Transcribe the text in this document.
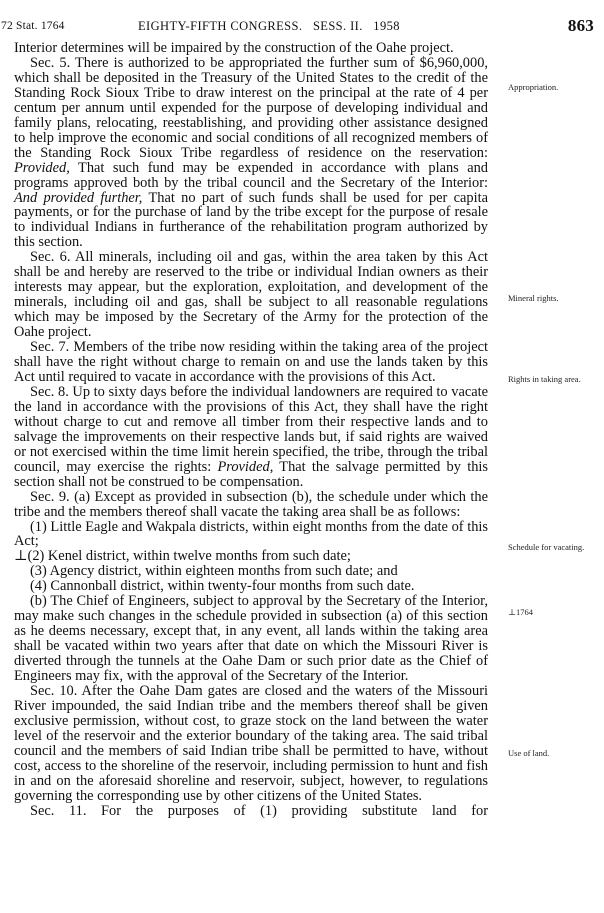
72 Stat. 1764	EIGHTY-FIFTH CONGRESS.   SESS. II.   1958	863

Interior determines will be impaired by the construction of the Oahe project.

Sec. 5. There is authorized to be appropriated the further sum of $6,960,000, which shall be deposited in the Treasury of the United States to the credit of the Standing Rock Sioux Tribe to draw interest on the principal at the rate of 4 per centum per annum until expended for the purpose of developing individual and family plans, relocating, reestablishing, and providing other assistance designed to help improve the economic and social conditions of all recognized members of the Standing Rock Sioux Tribe regardless of residence on the reservation: Provided, That such fund may be expended in accordance with plans and programs approved both by the tribal council and the Secretary of the Interior: And provided further, That no part of such funds shall be used for per capita payments, or for the purchase of land by the tribe except for the purpose of resale to individual Indians in furtherance of the rehabilitation program authorized by this section.

Sec. 6. All minerals, including oil and gas, within the area taken by this Act shall be and hereby are reserved to the tribe or individual Indian owners as their interests may appear, but the exploration, exploitation, and development of the minerals, including oil and gas, shall be subject to all reasonable regulations which may be imposed by the Secretary of the Army for the protection of the Oahe project.

Sec. 7. Members of the tribe now residing within the taking area of the project shall have the right without charge to remain on and use the lands taken by this Act until required to vacate in accordance with the provisions of this Act.

Sec. 8. Up to sixty days before the individual landowners are required to vacate the land in accordance with the provisions of this Act, they shall have the right without charge to cut and remove all timber from their respective lands and to salvage the improvements on their respective lands but, if said rights are waived or not exercised within the time limit herein specified, the tribe, through the tribal council, may exercise the rights: Provided, That the salvage permitted by this section shall not be construed to be compensation.

Sec. 9. (a) Except as provided in subsection (b), the schedule under which the tribe and the members thereof shall vacate the taking area shall be as follows:

(1) Little Eagle and Wakpala districts, within eight months from the date of this Act;

⊥(2) Kenel district, within twelve months from such date;

(3) Agency district, within eighteen months from such date; and

(4) Cannonball district, within twenty-four months from such date.

(b) The Chief of Engineers, subject to approval by the Secretary of the Interior, may make such changes in the schedule provided in subsection (a) of this section as he deems necessary, except that, in any event, all lands within the taking area shall be vacated within two years after that date on which the Missouri River is diverted through the tunnels at the Oahe Dam or such prior date as the Chief of Engineers may fix, with the approval of the Secretary of the Interior.

Sec. 10. After the Oahe Dam gates are closed and the waters of the Missouri River impounded, the said Indian tribe and the members thereof shall be given exclusive permission, without cost, to graze stock on the land between the water level of the reservoir and the exterior boundary of the taking area. The said tribal council and the members of said Indian tribe shall be permitted to have, without cost, access to the shoreline of the reservoir, including permission to hunt and fish in and on the aforesaid shoreline and reservoir, subject, however, to regulations governing the corresponding use by other citizens of the United States.

Sec. 11. For the purposes of (1) providing substitute land for

Appropriation.
Mineral rights.
Rights in taking area.
Schedule for vacating.
⊥1764
Use of land.
